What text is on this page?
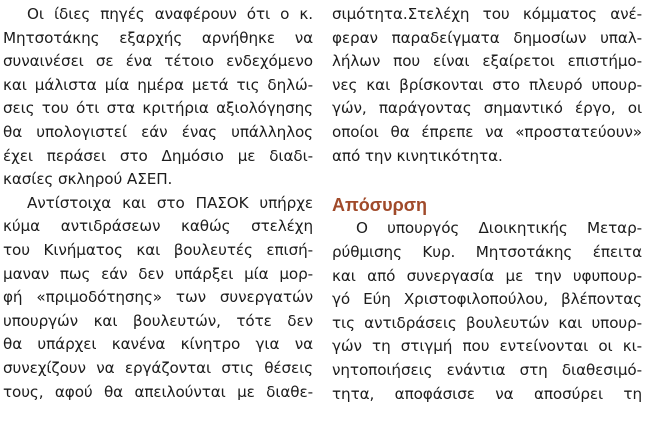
Οι ίδιες πηγές αναφέρουν ότι ο κ.
Μητσοτάκης εξαρχής αρνήθηκε να
συναινέσει σε ένα τέτοιο ενδεχόμενο
και μάλιστα μία ημέρα μετά τις δηλώ-
σεις του ότι στα κριτήρια αξιολόγησης
θα υπολογιστεί εάν ένας υπάλληλος
έχει περάσει στο Δημόσιο με διαδι-
κασίες σκληρού ΑΣΕΠ.
Αντίστοιχα και στο ΠΑΣΟΚ υπήρχε
κύμα αντιδράσεων καθώς στελέχη
του Κινήματος και βουλευτές επισή-
μαναν πως εάν δεν υπάρξει μία μορ-
φή «πριμοδότησης» των συνεργατών
υπουργών και βουλευτών, τότε δεν
θα υπάρχει κανένα κίνητρο για να
συνεχίζουν να εργάζονται στις θέσεις
τους, αφού θα απειλούνται με διαθε-
σιμότητα.Στελέχη του κόμματος ανέ-
φεραν παραδείγματα δημοσίων υπαλ-
λήλων που είναι εξαίρετοι επιστήμο-
νες και βρίσκονται στο πλευρό υπουρ-
γών, παράγοντας σημαντικό έργο, οι
οποίοι θα έπρεπε να «προστατεύουν»
από την κινητικότητα.
Απόσυρση
Ο υπουργός Διοικητικής Μεταρ-
ρύθμισης Κυρ. Μητσοτάκης έπειτα
και από συνεργασία με την υφυπουρ-
γό Εύη Χριστοφιλοπούλου, βλέποντας
τις αντιδράσεις βουλευτών και υπουρ-
γών τη στιγμή που εντείνονται οι κι-
νητοποιήσεις ενάντια στη διαθεσιμό-
τητα, αποφάσισε να αποσύρει τη
